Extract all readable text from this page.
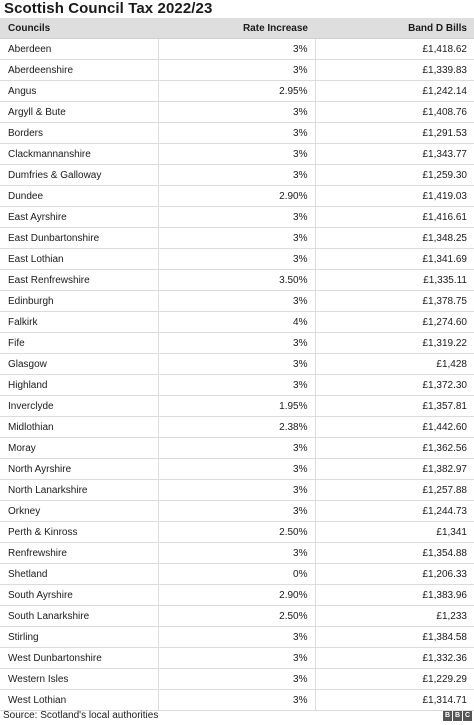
Scottish Council Tax 2022/23
Councils	Rate Increase	Band D Bills
Aberdeen	3%	£1,418.62
Aberdeenshire	3%	£1,339.83
Angus	2.95%	£1,242.14
Argyll & Bute	3%	£1,408.76
Borders	3%	£1,291.53
Clackmannanshire	3%	£1,343.77
Dumfries & Galloway	3%	£1,259.30
Dundee	2.90%	£1,419.03
East Ayrshire	3%	£1,416.61
East Dunbartonshire	3%	£1,348.25
East Lothian	3%	£1,341.69
East Renfrewshire	3.50%	£1,335.11
Edinburgh	3%	£1,378.75
Falkirk	4%	£1,274.60
Fife	3%	£1,319.22
Glasgow	3%	£1,428
Highland	3%	£1,372.30
Inverclyde	1.95%	£1,357.81
Midlothian	2.38%	£1,442.60
Moray	3%	£1,362.56
North Ayrshire	3%	£1,382.97
North Lanarkshire	3%	£1,257.88
Orkney	3%	£1,244.73
Perth & Kinross	2.50%	£1,341
Renfrewshire	3%	£1,354.88
Shetland	0%	£1,206.33
South Ayrshire	2.90%	£1,383.96
South Lanarkshire	2.50%	£1,233
Stirling	3%	£1,384.58
West Dunbartonshire	3%	£1,332.36
Western Isles	3%	£1,229.29
West Lothian	3%	£1,314.71
Source: Scotland's local authorities	B B C
